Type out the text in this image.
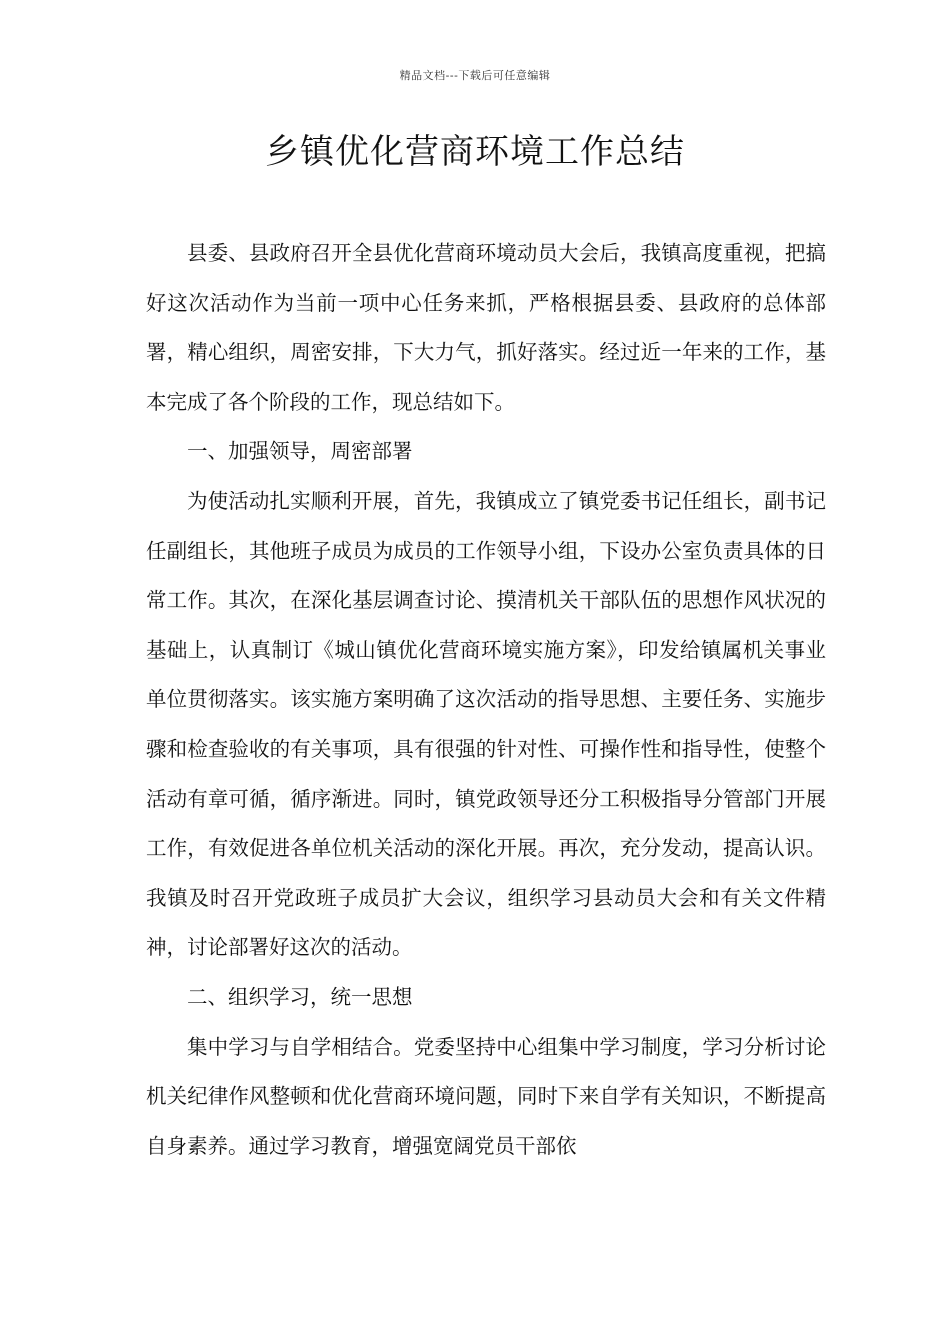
精品文档---下载后可任意编辑
乡镇优化营商环境工作总结

县委、县政府召开全县优化营商环境动员大会后，我镇高度重视，把搞好这次活动作为当前一项中心任务来抓，严格根据县委、县政府的总体部署，精心组织，周密安排，下大力气，抓好落实。经过近一年来的工作，基本完成了各个阶段的工作，现总结如下。

一、加强领导，周密部署

为使活动扎实顺利开展，首先，我镇成立了镇党委书记任组长，副书记任副组长，其他班子成员为成员的工作领导小组，下设办公室负责具体的日常工作。其次，在深化基层调查讨论、摸清机关干部队伍的思想作风状况的基础上，认真制订《城山镇优化营商环境实施方案》，印发给镇属机关事业单位贯彻落实。该实施方案明确了这次活动的指导思想、主要任务、实施步骤和检查验收的有关事项，具有很强的针对性、可操作性和指导性，使整个活动有章可循，循序渐进。同时，镇党政领导还分工积极指导分管部门开展工作，有效促进各单位机关活动的深化开展。再次，充分发动，提高认识。我镇及时召开党政班子成员扩大会议，组织学习县动员大会和有关文件精神，讨论部署好这次的活动。

二、组织学习，统一思想

集中学习与自学相结合。党委坚持中心组集中学习制度，学习分析讨论机关纪律作风整顿和优化营商环境问题，同时下来自学有关知识，不断提高自身素养。通过学习教育，增强宽阔党员干部依
